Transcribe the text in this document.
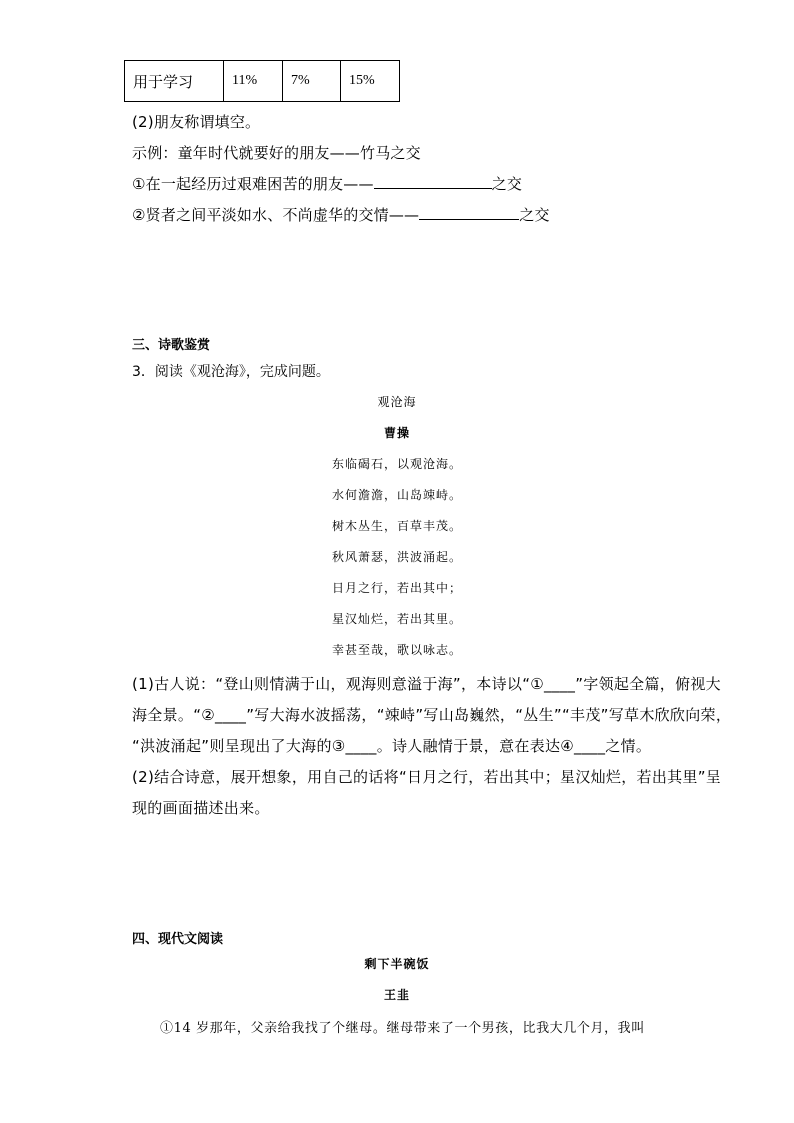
用于学习	11%	7%	15%
(2)朋友称谓填空。
示例：童年时代就要好的朋友——竹马之交
①在一起经历过艰难困苦的朋友——	之交
②贤者之间平淡如水、不尚虚华的交情——	之交
三、诗歌鉴赏
3．阅读《观沧海》，完成问题。
观沧海
曹操
东临碣石，以观沧海。
水何澹澹，山岛竦峙。
树木丛生，百草丰茂。
秋风萧瑟，洪波涌起。
日月之行，若出其中；
星汉灿烂，若出其里。
幸甚至哉，歌以咏志。
(1)古人说：“登山则情满于山，观海则意溢于海”，本诗以“①____”字领起全篇，俯视大
海全景。“②____”写大海水波摇荡，“竦峙”写山岛巍然，“丛生”“丰茂”写草木欣欣向荣，
“洪波涌起”则呈现出了大海的③____。诗人融情于景，意在表达④____之情。
(2)结合诗意，展开想象，用自己的话将“日月之行，若出其中；星汉灿烂，若出其里”呈
现的画面描述出来。
四、现代文阅读
剩下半碗饭
王韭
①14 岁那年，父亲给我找了个继母。继母带来了一个男孩，比我大几个月，我叫
